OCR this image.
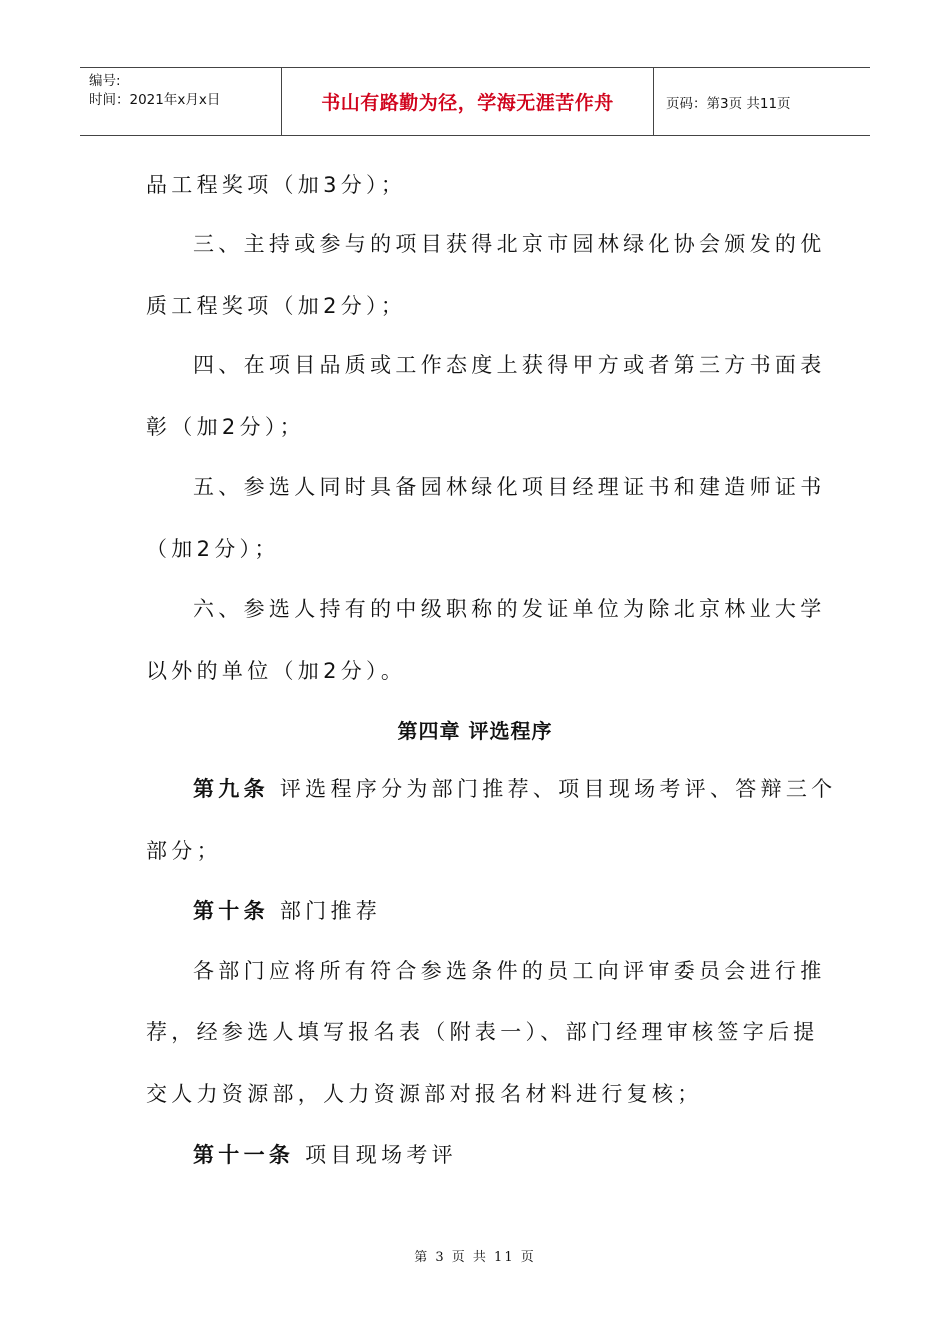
编号:
时间：2021年x月x日	书山有路勤为径，学海无涯苦作舟	页码：第3页 共11页

品工程奖项（加3分）；

三、主持或参与的项目获得北京市园林绿化协会颁发的优

质工程奖项（加2分）；

四、在项目品质或工作态度上获得甲方或者第三方书面表

彰（加2分）；

五、参选人同时具备园林绿化项目经理证书和建造师证书

（加2分）；

六、参选人持有的中级职称的发证单位为除北京林业大学

以外的单位（加2分）。

第四章 评选程序

第九条 评选程序分为部门推荐、项目现场考评、答辩三个

部分；

第十条 部门推荐

各部门应将所有符合参选条件的员工向评审委员会进行推

荐，经参选人填写报名表（附表一）、部门经理审核签字后提

交人力资源部，人力资源部对报名材料进行复核；

第十一条 项目现场考评

第 3 页 共 11 页
